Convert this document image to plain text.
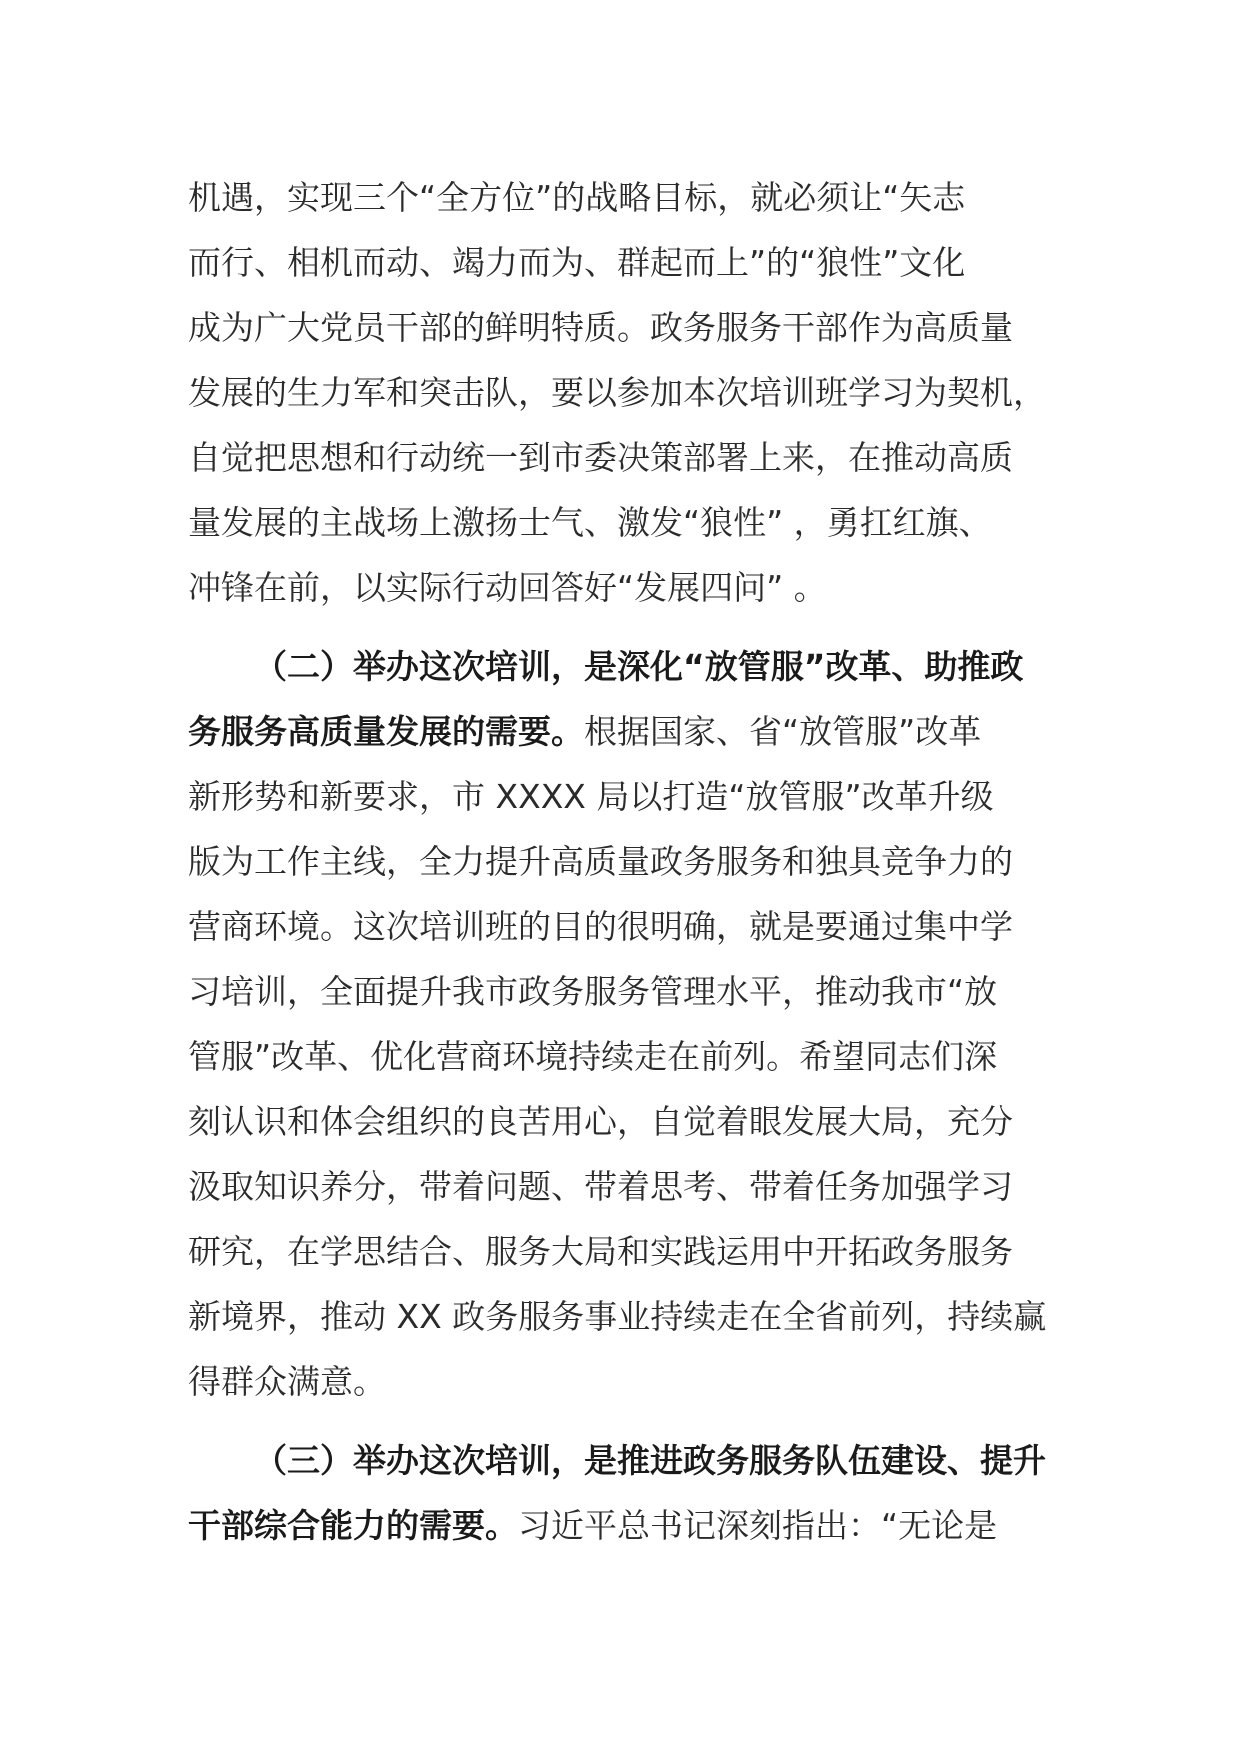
机遇，实现三个“全方位”的战略目标，就必须让“矢志
而行、相机而动、竭力而为、群起而上”的“狼性”文化
成为广大党员干部的鲜明特质。政务服务干部作为高质量
发展的生力军和突击队，要以参加本次培训班学习为契机，
自觉把思想和行动统一到市委决策部署上来，在推动高质
量发展的主战场上激扬士气、激发“狼性” ，勇扛红旗、
冲锋在前，以实际行动回答好“发展四问” 。
（二）举办这次培训，是深化“放管服”改革、助推政
务服务高质量发展的需要。根据国家、省“放管服”改革
新形势和新要求，市 XXXX 局以打造“放管服”改革升级
版为工作主线，全力提升高质量政务服务和独具竞争力的
营商环境。这次培训班的目的很明确，就是要通过集中学
习培训，全面提升我市政务服务管理水平，推动我市“放
管服”改革、优化营商环境持续走在前列。希望同志们深
刻认识和体会组织的良苦用心，自觉着眼发展大局，充分
汲取知识养分，带着问题、带着思考、带着任务加强学习
研究，在学思结合、服务大局和实践运用中开拓政务服务
新境界，推动 XX 政务服务事业持续走在全省前列，持续赢
得群众满意。
（三）举办这次培训，是推进政务服务队伍建设、提升
干部综合能力的需要。习近平总书记深刻指出：“无论是
